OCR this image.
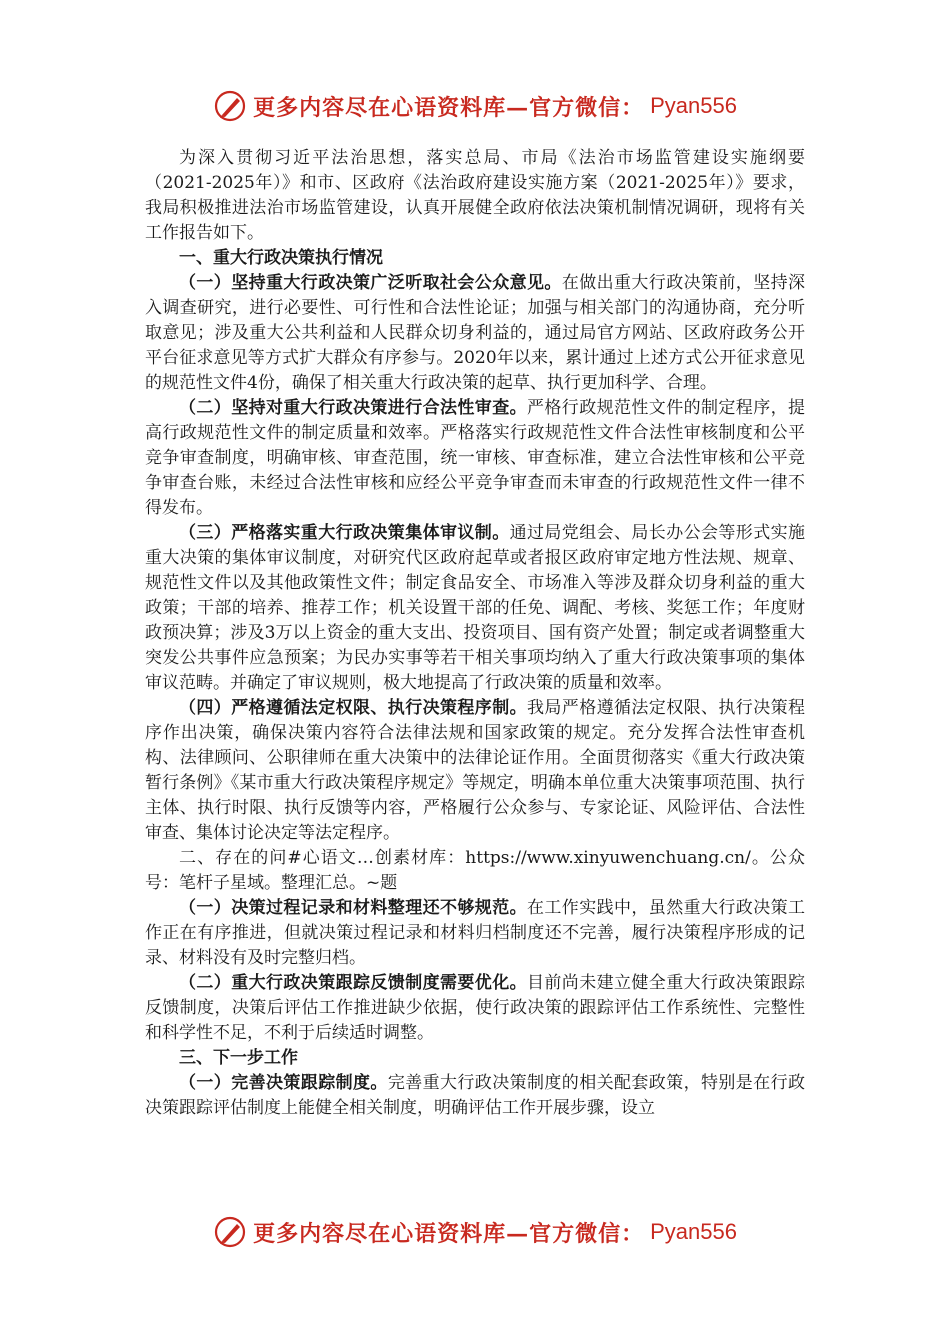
更多内容尽在心语资料库—官方微信： Pyan556

为深入贯彻习近平法治思想，落实总局、市局《法治市场监管建设实施纲要（2021-2025年）》和市、区政府《法治政府建设实施方案（2021-2025年）》要求，我局积极推进法治市场监管建设，认真开展健全政府依法决策机制情况调研，现将有关工作报告如下。

一、重大行政决策执行情况

（一）坚持重大行政决策广泛听取社会公众意见。在做出重大行政决策前，坚持深入调查研究，进行必要性、可行性和合法性论证；加强与相关部门的沟通协商，充分听取意见；涉及重大公共利益和人民群众切身利益的，通过局官方网站、区政府政务公开平台征求意见等方式扩大群众有序参与。2020年以来，累计通过上述方式公开征求意见的规范性文件4份，确保了相关重大行政决策的起草、执行更加科学、合理。

（二）坚持对重大行政决策进行合法性审查。严格行政规范性文件的制定程序，提高行政规范性文件的制定质量和效率。严格落实行政规范性文件合法性审核制度和公平竞争审查制度，明确审核、审查范围，统一审核、审查标准，建立合法性审核和公平竞争审查台账，未经过合法性审核和应经公平竞争审查而未审查的行政规范性文件一律不得发布。

（三）严格落实重大行政决策集体审议制。通过局党组会、局长办公会等形式实施重大决策的集体审议制度，对研究代区政府起草或者报区政府审定地方性法规、规章、规范性文件以及其他政策性文件；制定食品安全、市场准入等涉及群众切身利益的重大政策；干部的培养、推荐工作；机关设置干部的任免、调配、考核、奖惩工作；年度财政预决算；涉及3万以上资金的重大支出、投资项目、国有资产处置；制定或者调整重大突发公共事件应急预案；为民办实事等若干相关事项均纳入了重大行政决策事项的集体审议范畴。并确定了审议规则，极大地提高了行政决策的质量和效率。

（四）严格遵循法定权限、执行决策程序制。我局严格遵循法定权限、执行决策程序作出决策，确保决策内容符合法律法规和国家政策的规定。充分发挥合法性审查机构、法律顾问、公职律师在重大决策中的法律论证作用。全面贯彻落实《重大行政决策暂行条例》《某市重大行政决策程序规定》等规定，明确本单位重大决策事项范围、执行主体、执行时限、执行反馈等内容，严格履行公众参与、专家论证、风险评估、合法性审查、集体讨论决定等法定程序。

二、存在的问#心语文…创素材库：https://www.xinyuwenchuang.cn/。公众号：笔杆子星域。整理汇总。~题

（一）决策过程记录和材料整理还不够规范。在工作实践中，虽然重大行政决策工作正在有序推进，但就决策过程记录和材料归档制度还不完善，履行决策程序形成的记录、材料没有及时完整归档。

（二）重大行政决策跟踪反馈制度需要优化。目前尚未建立健全重大行政决策跟踪反馈制度，决策后评估工作推进缺少依据，使行政决策的跟踪评估工作系统性、完整性和科学性不足，不利于后续适时调整。

三、下一步工作

（一）完善决策跟踪制度。完善重大行政决策制度的相关配套政策，特别是在行政决策跟踪评估制度上能健全相关制度，明确评估工作开展步骤，设立

更多内容尽在心语资料库—官方微信： Pyan556
